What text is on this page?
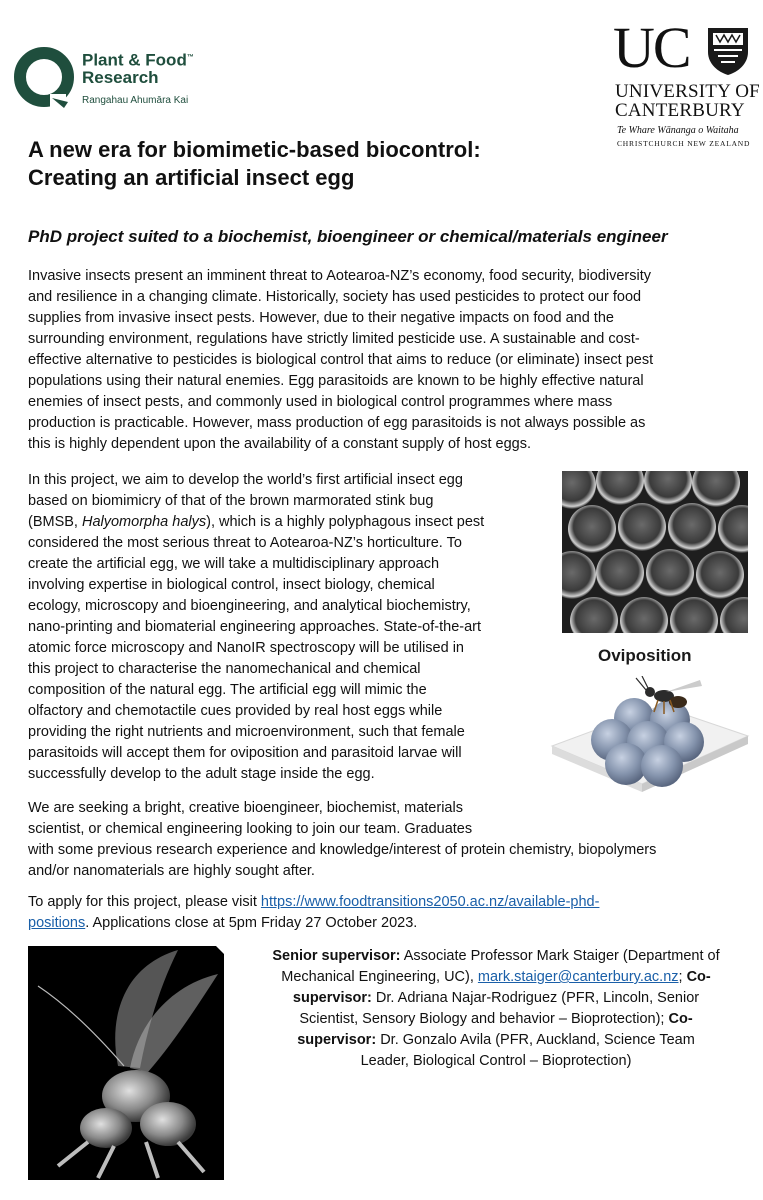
Plant & Food™
Research
Rangahau Ahumāra Kai
UC
UNIVERSITY OF
CANTERBURY
Te Whare Wānanga o Waitaha
CHRISTCHURCH NEW ZEALAND
A new era for biomimetic-based biocontrol:
Creating an artificial insect egg
PhD project suited to a biochemist, bioengineer or chemical/materials engineer
Invasive insects present an imminent threat to Aotearoa-NZ’s economy, food security, biodiversity
and resilience in a changing climate. Historically, society has used pesticides to protect our food
supplies from invasive insect pests. However, due to their negative impacts on food and the
surrounding environment, regulations have strictly limited pesticide use. A sustainable and cost-
effective alternative to pesticides is biological control that aims to reduce (or eliminate) insect pest
populations using their natural enemies. Egg parasitoids are known to be highly effective natural
enemies of insect pests, and commonly used in biological control programmes where mass
production is practicable. However, mass production of egg parasitoids is not always possible as
this is highly dependent upon the availability of a constant supply of host eggs.
In this project, we aim to develop the world’s first artificial insect egg
based on biomimicry of that of the brown marmorated stink bug
(BMSB, Halyomorpha halys), which is a highly polyphagous insect pest
considered the most serious threat to Aotearoa-NZ’s horticulture. To
create the artificial egg, we will take a multidisciplinary approach
involving expertise in biological control, insect biology, chemical
ecology, microscopy and bioengineering, and analytical biochemistry,
nano-printing and biomaterial engineering approaches. State-of-the-art
atomic force microscopy and NanoIR spectroscopy will be utilised in
this project to characterise the nanomechanical and chemical
composition of the natural egg. The artificial egg will mimic the
olfactory and chemotactile cues provided by real host eggs while
providing the right nutrients and microenvironment, such that female
parasitoids will accept them for oviposition and parasitoid larvae will
successfully develop to the adult stage inside the egg.
Oviposition
We are seeking a bright, creative bioengineer, biochemist, materials
scientist, or chemical engineering looking to join our team. Graduates
with some previous research experience and knowledge/interest of protein chemistry, biopolymers
and/or nanomaterials are highly sought after.
To apply for this project, please visit https://www.foodtransitions2050.ac.nz/available-phd-
positions. Applications close at 5pm Friday 27 October 2023.
Senior supervisor: Associate Professor Mark Staiger (Department of
Mechanical Engineering, UC), mark.staiger@canterbury.ac.nz; Co-
supervisor: Dr. Adriana Najar-Rodriguez (PFR, Lincoln, Senior
Scientist, Sensory Biology and behavior – Bioprotection); Co-
supervisor: Dr. Gonzalo Avila (PFR, Auckland, Science Team
Leader, Biological Control – Bioprotection)
